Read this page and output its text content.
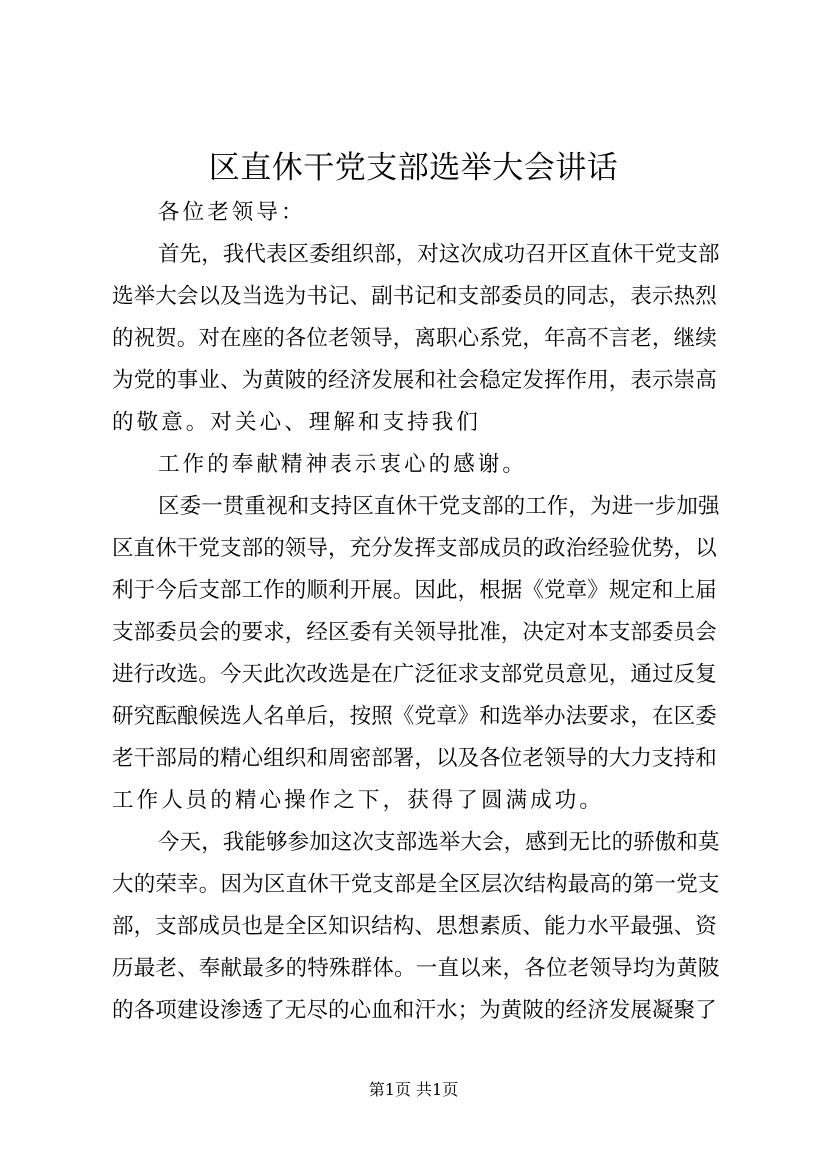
区直休干党支部选举大会讲话

各位老领导：

首先，我代表区委组织部，对这次成功召开区直休干党支部

选举大会以及当选为书记、副书记和支部委员的同志，表示热烈

的祝贺。对在座的各位老领导，离职心系党，年高不言老，继续

为党的事业、为黄陂的经济发展和社会稳定发挥作用，表示崇高

的敬意。对关心、理解和支持我们

工作的奉献精神表示衷心的感谢。

区委一贯重视和支持区直休干党支部的工作，为进一步加强

区直休干党支部的领导，充分发挥支部成员的政治经验优势，以

利于今后支部工作的顺利开展。因此，根据《党章》规定和上届

支部委员会的要求，经区委有关领导批准，决定对本支部委员会

进行改选。今天此次改选是在广泛征求支部党员意见，通过反复

研究酝酿候选人名单后，按照《党章》和选举办法要求，在区委

老干部局的精心组织和周密部署，以及各位老领导的大力支持和

工作人员的精心操作之下，获得了圆满成功。

今天，我能够参加这次支部选举大会，感到无比的骄傲和莫

大的荣幸。因为区直休干党支部是全区层次结构最高的第一党支

部，支部成员也是全区知识结构、思想素质、能力水平最强、资

历最老、奉献最多的特殊群体。一直以来，各位老领导均为黄陂

的各项建设渗透了无尽的心血和汗水；为黄陂的经济发展凝聚了

第1页 共1页
